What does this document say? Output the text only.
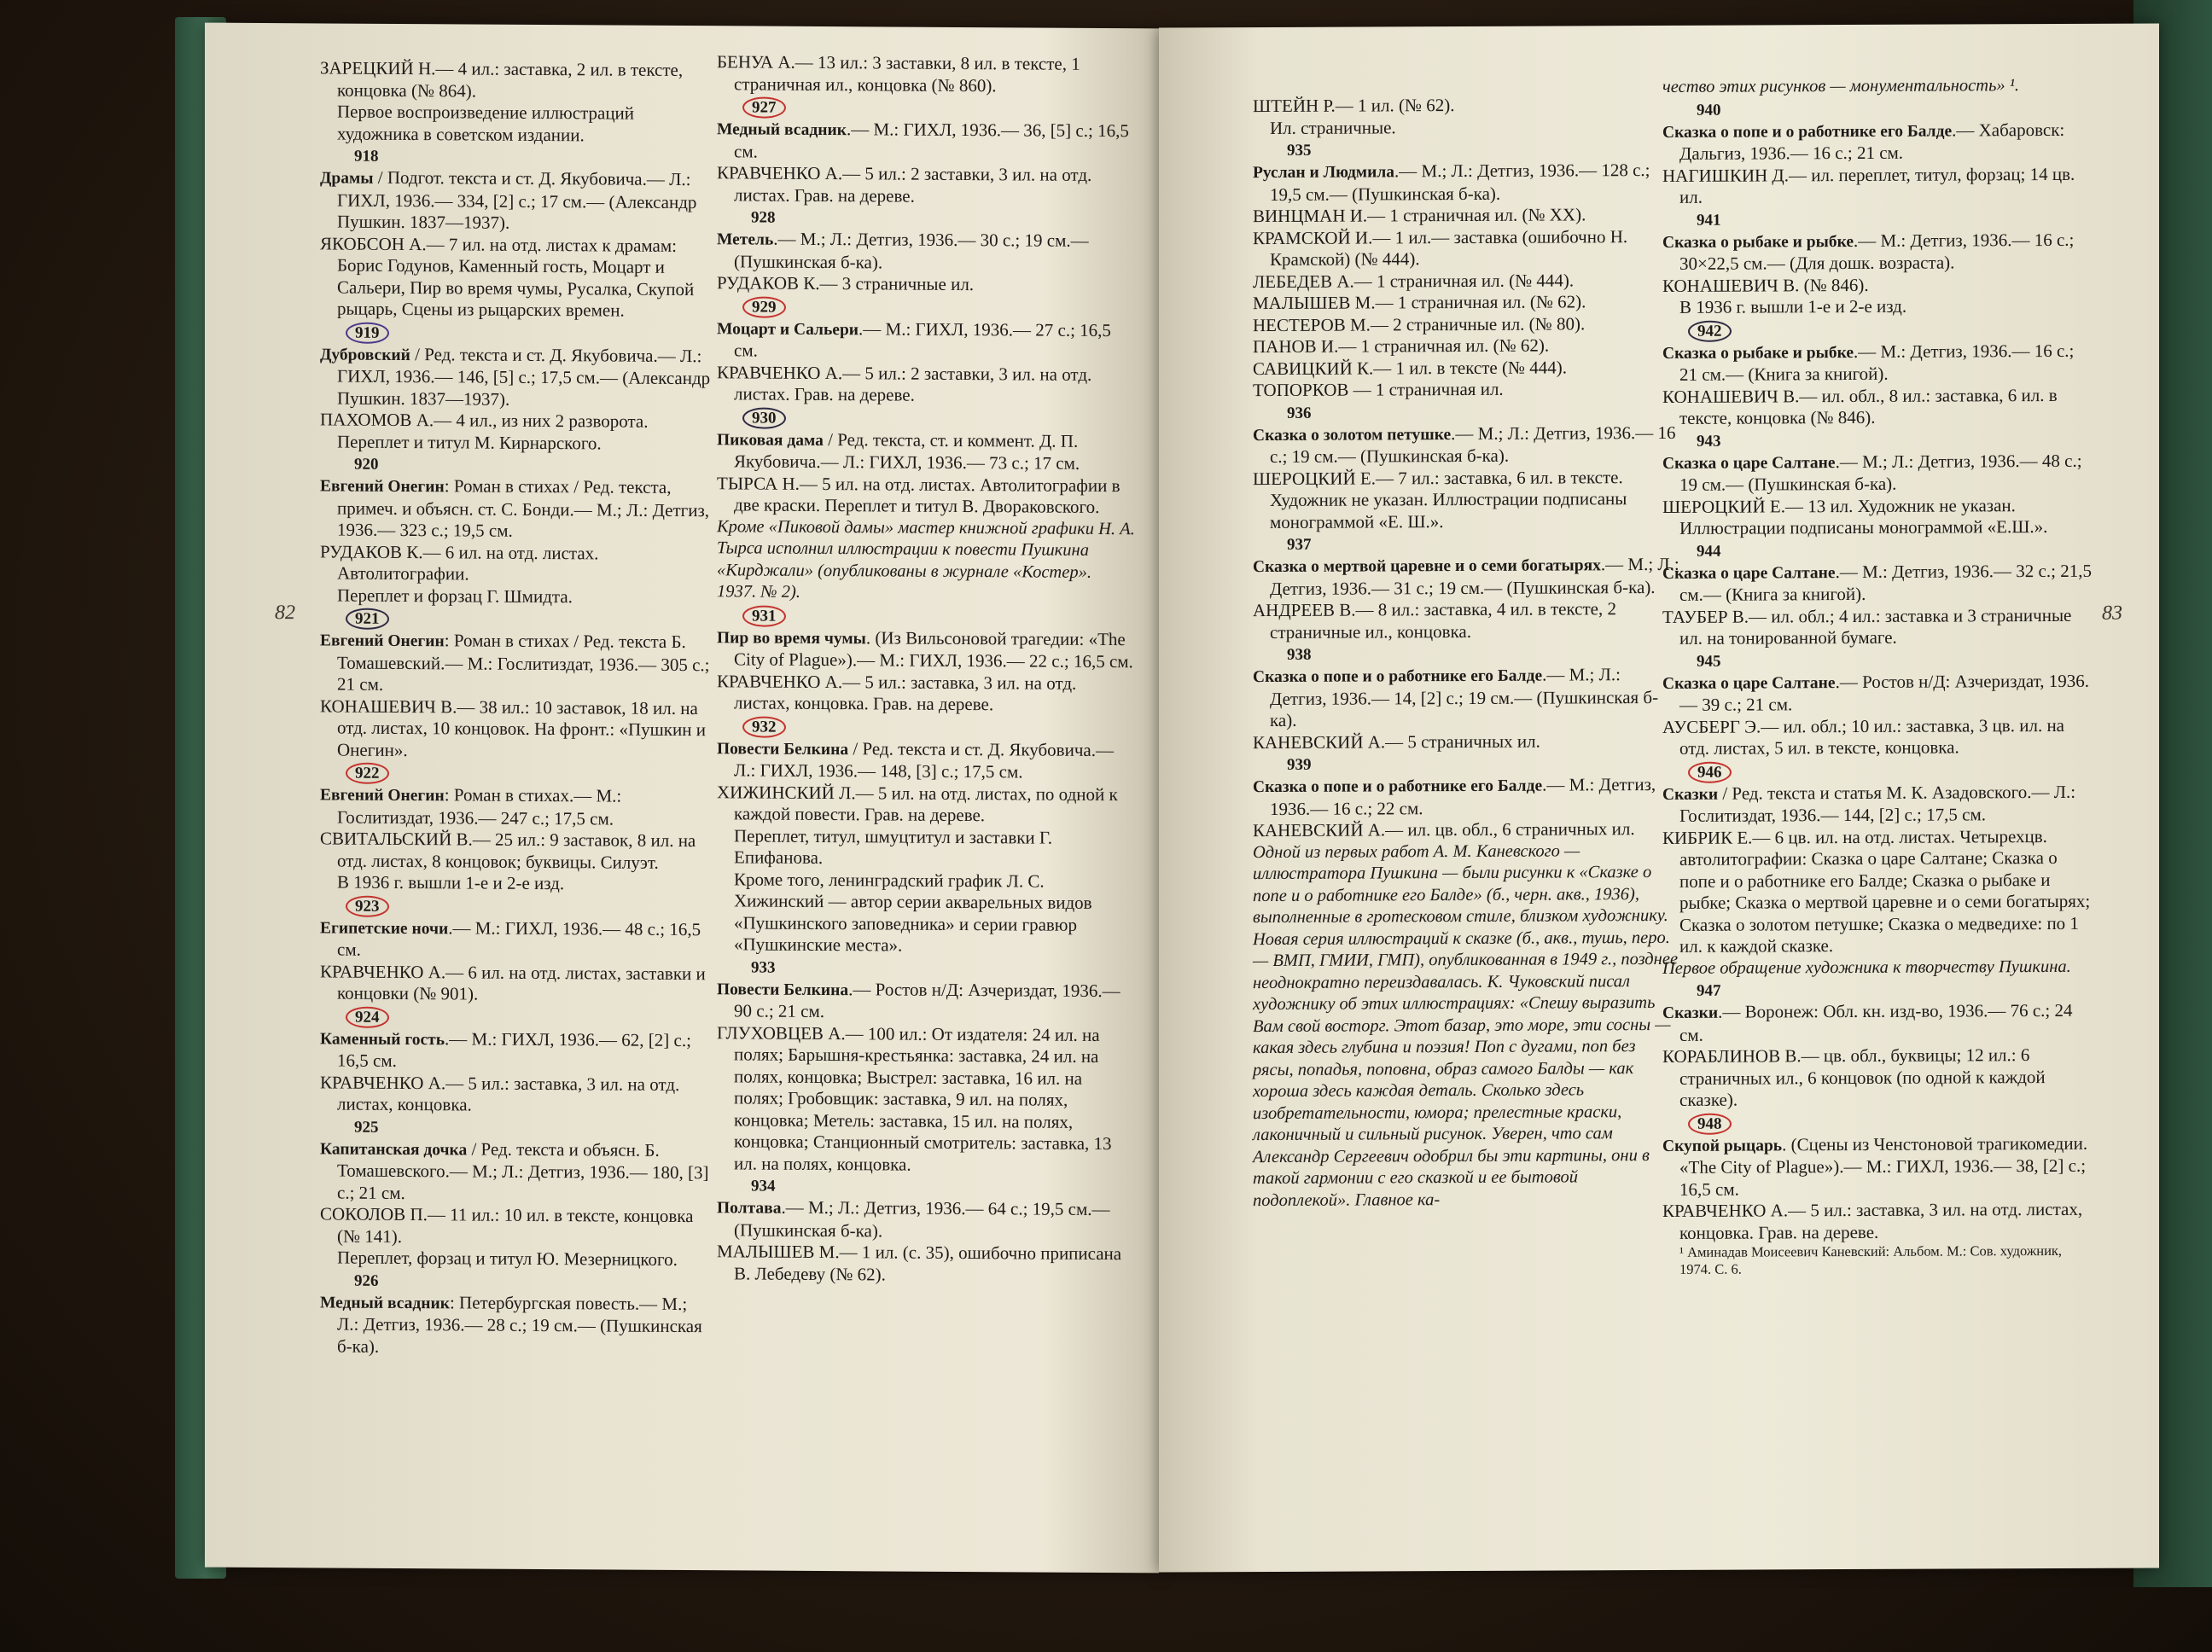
ЗАРЕЦКИЙ Н.— 4 ил.: заставка, 2 ил. в тексте, концовка (№ 864).

Первое воспроизведение иллюстраций художника в советском издании.

918

Драмы / Подгот. текста и ст. Д. Якубовича.— Л.: ГИХЛ, 1936.— 334, [2] с.; 17 см.— (Александр Пушкин. 1837—1937).

ЯКОБСОН А.— 7 ил. на отд. листах к драмам: Борис Годунов, Каменный гость, Моцарт и Сальери, Пир во время чумы, Русалка, Скупой рыцарь, Сцены из рыцарских времен.

919

Дубровский / Ред. текста и ст. Д. Якубовича.— Л.: ГИХЛ, 1936.— 146, [5] с.; 17,5 см.— (Александр Пушкин. 1837—1937).

ПАХОМОВ А.— 4 ил., из них 2 разворота.

Переплет и титул М. Кирнарского.

920

Евгений Онегин: Роман в стихах / Ред. текста, примеч. и объясн. ст. С. Бонди.— М.; Л.: Детгиз, 1936.— 323 с.; 19,5 см.

РУДАКОВ К.— 6 ил. на отд. листах. Автолитографии.

Переплет и форзац Г. Шмидта.

921

Евгений Онегин: Роман в стихах / Ред. текста Б. Томашевский.— М.: Гослитиздат, 1936.— 305 с.; 21 см.

КОНАШЕВИЧ В.— 38 ил.: 10 заставок, 18 ил. на отд. листах, 10 концовок. На фронт.: «Пушкин и Онегин».

922

Евгений Онегин: Роман в стихах.— М.: Гослитиздат, 1936.— 247 с.; 17,5 см.

СВИТАЛЬСКИЙ В.— 25 ил.: 9 заставок, 8 ил. на отд. листах, 8 концовок; буквицы. Силуэт.

В 1936 г. вышли 1-е и 2-е изд.

923

Египетские ночи.— М.: ГИХЛ, 1936.— 48 с.; 16,5 см.

КРАВЧЕНКО А.— 6 ил. на отд. листах, заставки и концовки (№ 901).

924

Каменный гость.— М.: ГИХЛ, 1936.— 62, [2] с.; 16,5 см.

КРАВЧЕНКО А.— 5 ил.: заставка, 3 ил. на отд. листах, концовка.

925

Капитанская дочка / Ред. текста и объясн. Б. Томашевского.— М.; Л.: Детгиз, 1936.— 180, [3] с.; 21 см.

СОКОЛОВ П.— 11 ил.: 10 ил. в тексте, концовка (№ 141).

Переплет, форзац и титул Ю. Мезерницкого.

926

Медный всадник: Петербургская повесть.— М.; Л.: Детгиз, 1936.— 28 с.; 19 см.— (Пушкинская б-ка).

БЕНУА А.— 13 ил.: 3 заставки, 8 ил. в тексте, 1 страничная ил., концовка (№ 860).

927

Медный всадник.— М.: ГИХЛ, 1936.— 36, [5] с.; 16,5 см.

КРАВЧЕНКО А.— 5 ил.: 2 заставки, 3 ил. на отд. листах. Грав. на дереве.

928

Метель.— М.; Л.: Детгиз, 1936.— 30 с.; 19 см.— (Пушкинская б-ка).

РУДАКОВ К.— 3 страничные ил.

929

Моцарт и Сальери.— М.: ГИХЛ, 1936.— 27 с.; 16,5 см.

КРАВЧЕНКО А.— 5 ил.: 2 заставки, 3 ил. на отд. листах. Грав. на дереве.

930

Пиковая дама / Ред. текста, ст. и коммент. Д. П. Якубовича.— Л.: ГИХЛ, 1936.— 73 с.; 17 см.

ТЫРСА Н.— 5 ил. на отд. листах. Автолитографии в две краски. Переплет и титул В. Двораковского.

Кроме «Пиковой дамы» мастер книжной графики Н. А. Тырса исполнил иллюстрации к повести Пушкина «Кирджали» (опубликованы в журнале «Костер». 1937. № 2).

931

Пир во время чумы. (Из Вильсоновой трагедии: «The City of Plague»).— М.: ГИХЛ, 1936.— 22 с.; 16,5 см.

КРАВЧЕНКО А.— 5 ил.: заставка, 3 ил. на отд. листах, концовка. Грав. на дереве.

932

Повести Белкина / Ред. текста и ст. Д. Якубовича.— Л.: ГИХЛ, 1936.— 148, [3] с.; 17,5 см.

ХИЖИНСКИЙ Л.— 5 ил. на отд. листах, по одной к каждой повести. Грав. на дереве.

Переплет, титул, шмуцтитул и заставки Г. Епифанова.

Кроме того, ленинградский график Л. С. Хижинский — автор серии акварельных видов «Пушкинского заповедника» и серии гравюр «Пушкинские места».

933

Повести Белкина.— Ростов н/Д: Азчериздат, 1936.— 90 с.; 21 см.

ГЛУХОВЦЕВ А.— 100 ил.: От издателя: 24 ил. на полях; Барышня-крестьянка: заставка, 24 ил. на полях, концовка; Выстрел: заставка, 16 ил. на полях; Гробовщик: заставка, 9 ил. на полях, концовка; Метель: заставка, 15 ил. на полях, концовка; Станционный смотритель: заставка, 13 ил. на полях, концовка.

934

Полтава.— М.; Л.: Детгиз, 1936.— 64 с.; 19,5 см.— (Пушкинская б-ка).

МАЛЫШЕВ М.— 1 ил. (с. 35), ошибочно приписана В. Лебедеву (№ 62).

82

ШТЕЙН Р.— 1 ил. (№ 62).

Ил. страничные.

935

Руслан и Людмила.— М.; Л.: Детгиз, 1936.— 128 с.; 19,5 см.— (Пушкинская б-ка).

ВИНЦМАН И.— 1 страничная ил. (№ XX).

КРАМСКОЙ И.— 1 ил.— заставка (ошибочно Н. Крамской) (№ 444).

ЛЕБЕДЕВ А.— 1 страничная ил. (№ 444).

МАЛЫШЕВ М.— 1 страничная ил. (№ 62).

НЕСТЕРОВ М.— 2 страничные ил. (№ 80).

ПАНОВ И.— 1 страничная ил. (№ 62).

САВИЦКИЙ К.— 1 ил. в тексте (№ 444).

ТОПОРКОВ — 1 страничная ил.

936

Сказка о золотом петушке.— М.; Л.: Детгиз, 1936.— 16 с.; 19 см.— (Пушкинская б-ка).

ШЕРОЦКИЙ Е.— 7 ил.: заставка, 6 ил. в тексте. Художник не указан. Иллюстрации подписаны монограммой «Е. Ш.».

937

Сказка о мертвой царевне и о семи богатырях.— М.; Л.: Детгиз, 1936.— 31 с.; 19 см.— (Пушкинская б-ка).

АНДРЕЕВ В.— 8 ил.: заставка, 4 ил. в тексте, 2 страничные ил., концовка.

938

Сказка о попе и о работнике его Балде.— М.; Л.: Детгиз, 1936.— 14, [2] с.; 19 см.— (Пушкинская б-ка).

КАНЕВСКИЙ А.— 5 страничных ил.

939

Сказка о попе и о работнике его Балде.— М.: Детгиз, 1936.— 16 с.; 22 см.

КАНЕВСКИЙ А.— ил. цв. обл., 6 страничных ил.

Одной из первых работ А. М. Каневского — иллюстратора Пушкина — были рисунки к «Сказке о попе и о работнике его Балде» (б., черн. акв., 1936), выполненные в гротесковом стиле, близком художнику. Новая серия иллюстраций к сказке (б., акв., тушь, перо.— ВМП, ГМИИ, ГМП), опубликованная в 1949 г., позднее неоднократно переиздавалась. К. Чуковский писал художнику об этих иллюстрациях: «Спешу выразить Вам свой восторг. Этот базар, это море, эти сосны — какая здесь глубина и поэзия! Поп с дугами, поп без рясы, попадья, поповна, образ самого Балды — как хороша здесь каждая деталь. Сколько здесь изобретательности, юмора; прелестные краски, лаконичный и сильный рисунок. Уверен, что сам Александр Сергеевич одобрил бы эти картины, они в такой гармонии с его сказкой и ее бытовой подоплекой». Главное ка-

чество этих рисунков — монументальность» ¹.

940

Сказка о попе и о работнике его Балде.— Хабаровск: Дальгиз, 1936.— 16 с.; 21 см.

НАГИШКИН Д.— ил. переплет, титул, форзац; 14 цв. ил.

941

Сказка о рыбаке и рыбке.— М.: Детгиз, 1936.— 16 с.; 30×22,5 см.— (Для дошк. возраста).

КОНАШЕВИЧ В. (№ 846).

В 1936 г. вышли 1-е и 2-е изд.

942

Сказка о рыбаке и рыбке.— М.: Детгиз, 1936.— 16 с.; 21 см.— (Книга за книгой).

КОНАШЕВИЧ В.— ил. обл., 8 ил.: заставка, 6 ил. в тексте, концовка (№ 846).

943

Сказка о царе Салтане.— М.; Л.: Детгиз, 1936.— 48 с.; 19 см.— (Пушкинская б-ка).

ШЕРОЦКИЙ Е.— 13 ил. Художник не указан. Иллюстрации подписаны монограммой «Е.Ш.».

944

Сказка о царе Салтане.— М.: Детгиз, 1936.— 32 с.; 21,5 см.— (Книга за книгой).

ТАУБЕР В.— ил. обл.; 4 ил.: заставка и 3 страничные ил. на тонированной бумаге.

945

Сказка о царе Салтане.— Ростов н/Д: Азчериздат, 1936.— 39 с.; 21 см.

АУСБЕРГ Э.— ил. обл.; 10 ил.: заставка, 3 цв. ил. на отд. листах, 5 ил. в тексте, концовка.

946

Сказки / Ред. текста и статья М. К. Азадовского.— Л.: Гослитиздат, 1936.— 144, [2] с.; 17,5 см.

КИБРИК Е.— 6 цв. ил. на отд. листах. Четырехцв. автолитографии: Сказка о царе Салтане; Сказка о попе и о работнике его Балде; Сказка о рыбаке и рыбке; Сказка о мертвой царевне и о семи богатырях; Сказка о золотом петушке; Сказка о медведихе: по 1 ил. к каждой сказке.

Первое обращение художника к творчеству Пушкина.

947

Сказки.— Воронеж: Обл. кн. изд-во, 1936.— 76 с.; 24 см.

КОРАБЛИНОВ В.— цв. обл., буквицы; 12 ил.: 6 страничных ил., 6 концовок (по одной к каждой сказке).

948

Скупой рыцарь. (Сцены из Ченстоновой трагикомедии. «The City of Plague»).— М.: ГИХЛ, 1936.— 38, [2] с.; 16,5 см.

КРАВЧЕНКО А.— 5 ил.: заставка, 3 ил. на отд. листах, концовка. Грав. на дереве.

¹ Аминадав Моисеевич Каневский: Альбом. М.: Сов. художник, 1974. С. 6.

83
